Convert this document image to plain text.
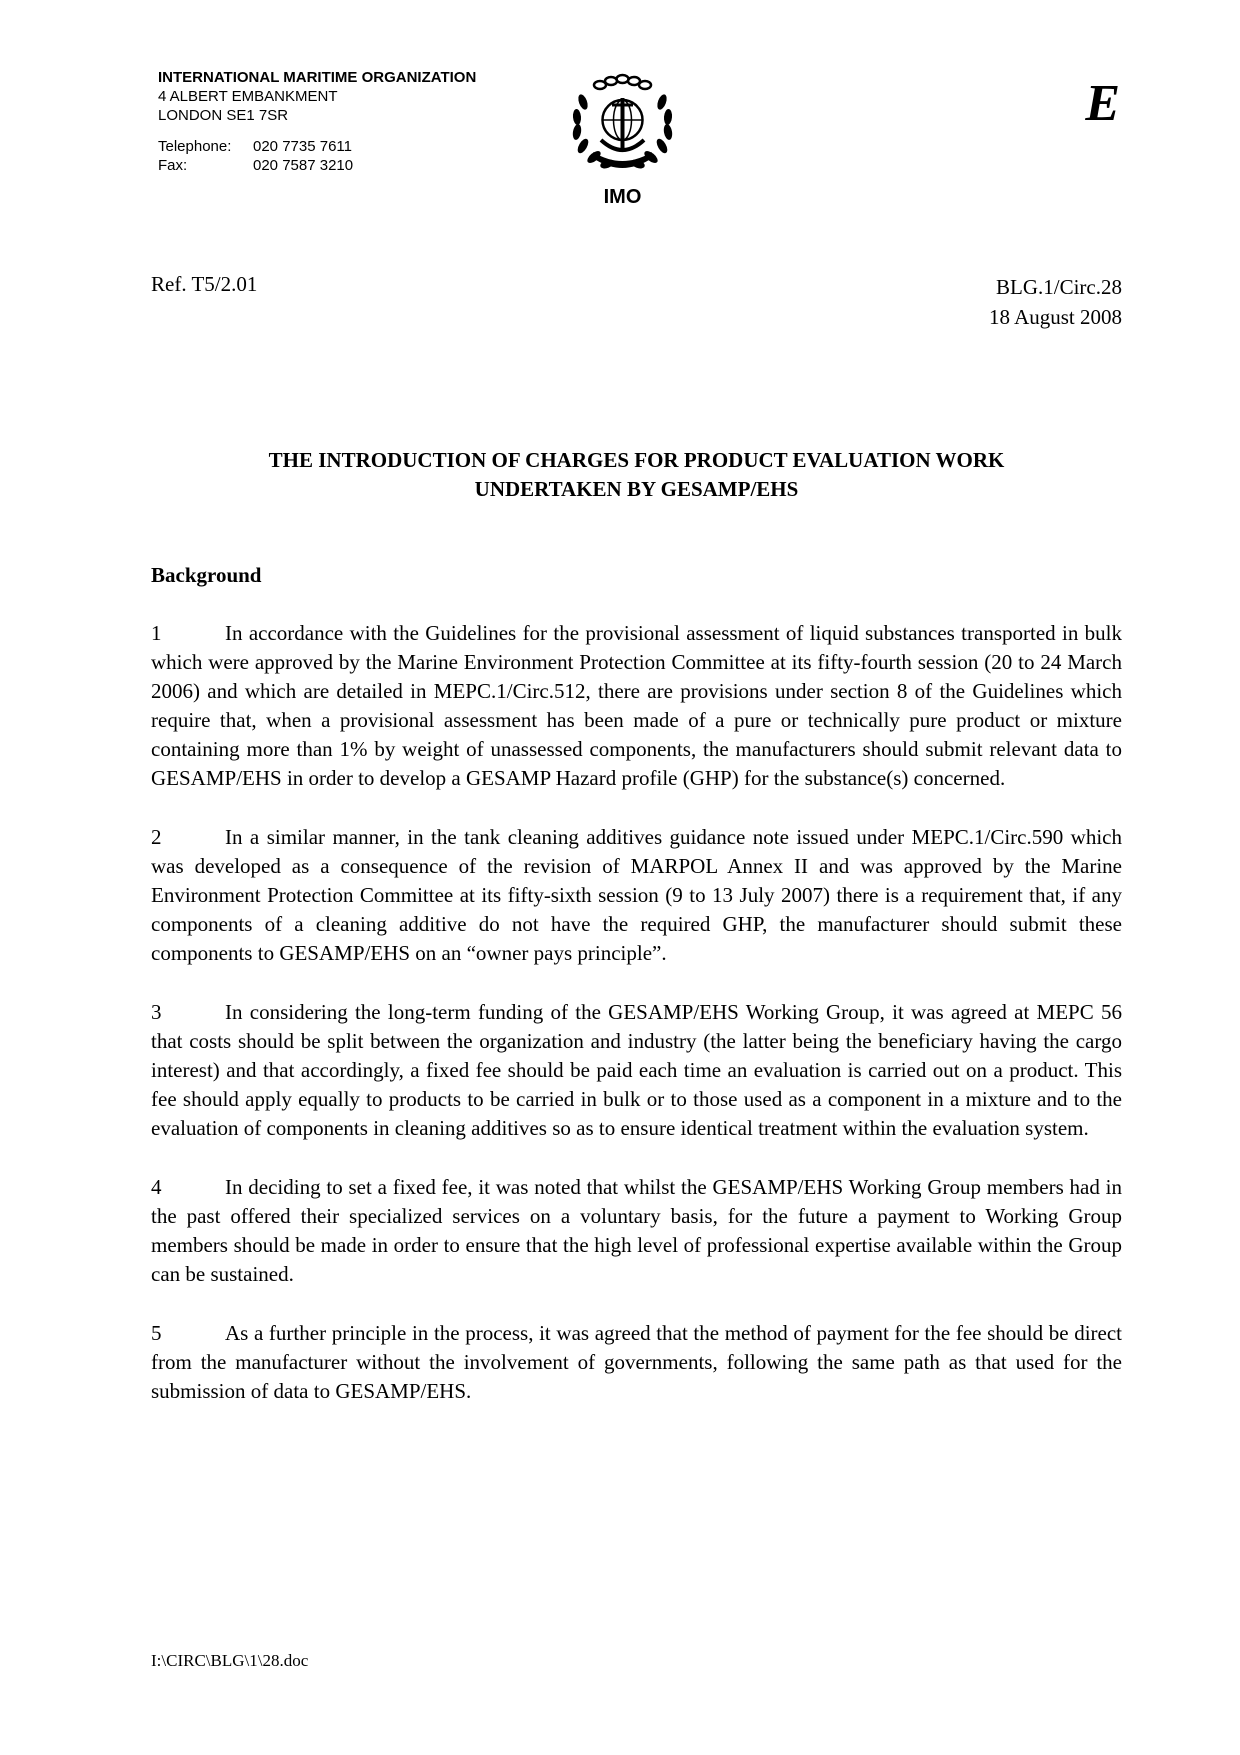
INTERNATIONAL MARITIME ORGANIZATION
4 ALBERT EMBANKMENT
LONDON SE1 7SR
Telephone:	020 7735 7611
Fax:	020 7587 3210
IMO
E
Ref. T5/2.01	BLG.1/Circ.28
18 August 2008
THE INTRODUCTION OF CHARGES FOR PRODUCT EVALUATION WORK
UNDERTAKEN BY GESAMP/EHS
Background

1	In accordance with the Guidelines for the provisional assessment of liquid substances transported in bulk which were approved by the Marine Environment Protection Committee at its fifty-fourth session (20 to 24 March 2006) and which are detailed in MEPC.1/Circ.512, there are provisions under section 8 of the Guidelines which require that, when a provisional assessment has been made of a pure or technically pure product or mixture containing more than 1% by weight of unassessed components, the manufacturers should submit relevant data to GESAMP/EHS in order to develop a GESAMP Hazard profile (GHP) for the substance(s) concerned.

2	In a similar manner, in the tank cleaning additives guidance note issued under MEPC.1/Circ.590 which was developed as a consequence of the revision of MARPOL Annex II and was approved by the Marine Environment Protection Committee at its fifty-sixth session (9 to 13 July 2007) there is a requirement that, if any components of a cleaning additive do not have the required GHP, the manufacturer should submit these components to GESAMP/EHS on an “owner pays principle”.

3	In considering the long-term funding of the GESAMP/EHS Working Group, it was agreed at MEPC 56 that costs should be split between the organization and industry (the latter being the beneficiary having the cargo interest) and that accordingly, a fixed fee should be paid each time an evaluation is carried out on a product. This fee should apply equally to products to be carried in bulk or to those used as a component in a mixture and to the evaluation of components in cleaning additives so as to ensure identical treatment within the evaluation system.

4	In deciding to set a fixed fee, it was noted that whilst the GESAMP/EHS Working Group members had in the past offered their specialized services on a voluntary basis, for the future a payment to Working Group members should be made in order to ensure that the high level of professional expertise available within the Group can be sustained.

5	As a further principle in the process, it was agreed that the method of payment for the fee should be direct from the manufacturer without the involvement of governments, following the same path as that used for the submission of data to GESAMP/EHS.

I:\CIRC\BLG\1\28.doc
